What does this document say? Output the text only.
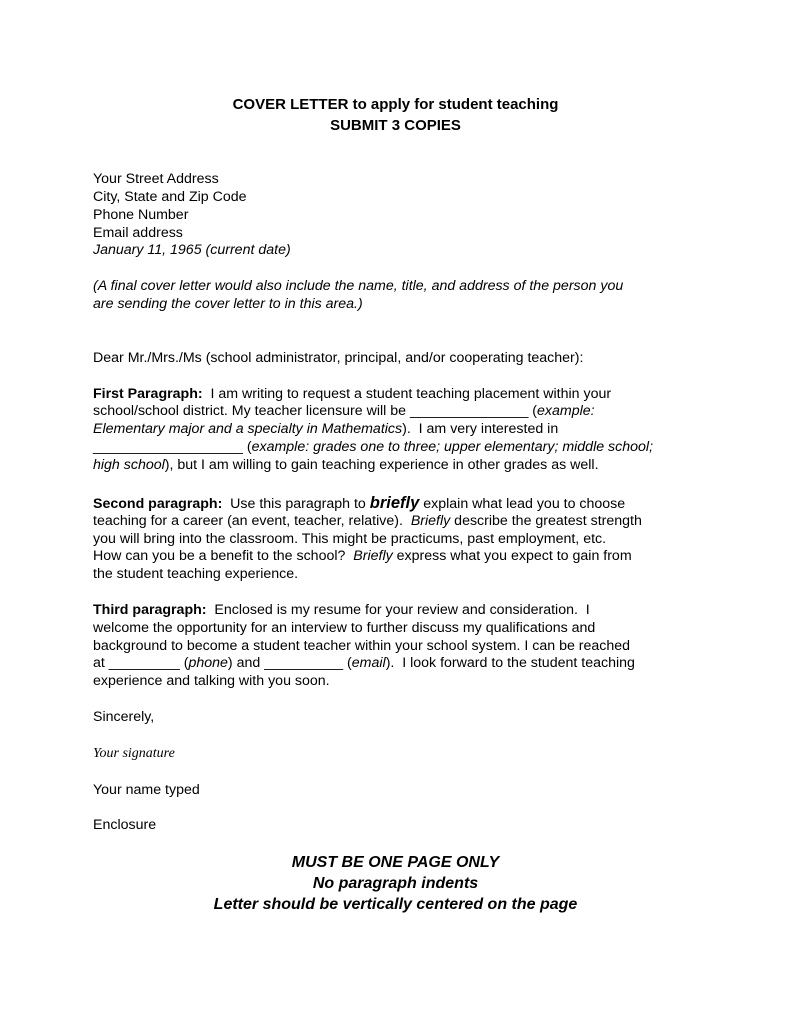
COVER LETTER to apply for student teaching
SUBMIT 3 COPIES
Your Street Address
City, State and Zip Code
Phone Number
Email address
January 11, 1965 (current date)
(A final cover letter would also include the name, title, and address of the person you
are sending the cover letter to in this area.)
Dear Mr./Mrs./Ms (school administrator, principal, and/or cooperating teacher):
First Paragraph:  I am writing to request a student teaching placement within your
school/school district. My teacher licensure will be _______________ (example:
Elementary major and a specialty in Mathematics).  I am very interested in
___________________ (example: grades one to three; upper elementary; middle school;
high school), but I am willing to gain teaching experience in other grades as well.
Second paragraph:  Use this paragraph to briefly explain what lead you to choose
teaching for a career (an event, teacher, relative).  Briefly describe the greatest strength
you will bring into the classroom. This might be practicums, past employment, etc.
How can you be a benefit to the school?  Briefly express what you expect to gain from
the student teaching experience.
Third paragraph:  Enclosed is my resume for your review and consideration.  I
welcome the opportunity for an interview to further discuss my qualifications and
background to become a student teacher within your school system. I can be reached
at _________ (phone) and __________ (email).  I look forward to the student teaching
experience and talking with you soon.
Sincerely,
Your signature
Your name typed
Enclosure
MUST BE ONE PAGE ONLY
No paragraph indents
Letter should be vertically centered on the page
